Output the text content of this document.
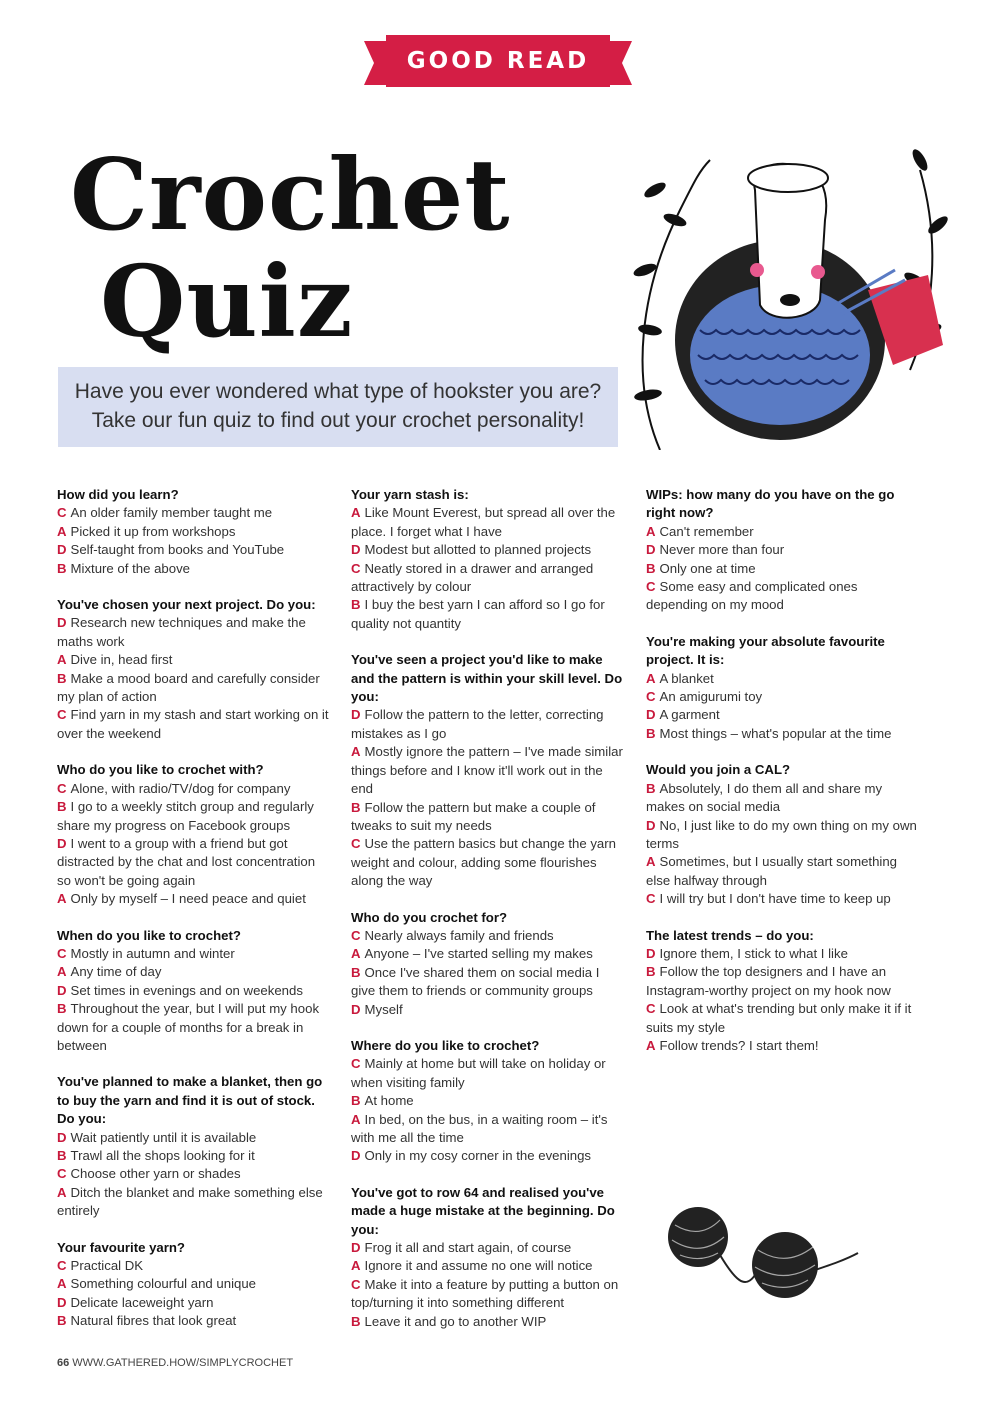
GOOD READ
Crochet
Quiz
Have you ever wondered what type of hookster you are?
Take our fun quiz to find out your crochet personality!
How did you learn?
C An older family member taught me
A Picked it up from workshops
D Self-taught from books and YouTube
B Mixture of the above
You've chosen your next project. Do you:
D Research new techniques and make the maths work
A Dive in, head first
B Make a mood board and carefully consider my plan of action
C Find yarn in my stash and start working on it over the weekend
Who do you like to crochet with?
C Alone, with radio/TV/dog for company
B I go to a weekly stitch group and regularly share my progress on Facebook groups
D I went to a group with a friend but got distracted by the chat and lost concentration so won't be going again
A Only by myself – I need peace and quiet
When do you like to crochet?
C Mostly in autumn and winter
A Any time of day
D Set times in evenings and on weekends
B Throughout the year, but I will put my hook down for a couple of months for a break in between
You've planned to make a blanket, then go to buy the yarn and find it is out of stock. Do you:
D Wait patiently until it is available
B Trawl all the shops looking for it
C Choose other yarn or shades
A Ditch the blanket and make something else entirely
Your favourite yarn?
C Practical DK
A Something colourful and unique
D Delicate laceweight yarn
B Natural fibres that look great
Your yarn stash is:
A Like Mount Everest, but spread all over the place. I forget what I have
D Modest but allotted to planned projects
C Neatly stored in a drawer and arranged attractively by colour
B I buy the best yarn I can afford so I go for quality not quantity
You've seen a project you'd like to make and the pattern is within your skill level. Do you:
D Follow the pattern to the letter, correcting mistakes as I go
A Mostly ignore the pattern – I've made similar things before and I know it'll work out in the end
B Follow the pattern but make a couple of tweaks to suit my needs
C Use the pattern basics but change the yarn weight and colour, adding some flourishes along the way
Who do you crochet for?
C Nearly always family and friends
A Anyone – I've started selling my makes
B Once I've shared them on social media I give them to friends or community groups
D Myself
Where do you like to crochet?
C Mainly at home but will take on holiday or when visiting family
B At home
A In bed, on the bus, in a waiting room – it's with me all the time
D Only in my cosy corner in the evenings
You've got to row 64 and realised you've made a huge mistake at the beginning. Do you:
D Frog it all and start again, of course
A Ignore it and assume no one will notice
C Make it into a feature by putting a button on top/turning it into something different
B Leave it and go to another WIP
WIPs: how many do you have on the go right now?
A Can't remember
D Never more than four
B Only one at time
C Some easy and complicated ones depending on my mood
You're making your absolute favourite project. It is:
A A blanket
C An amigurumi toy
D A garment
B Most things – what's popular at the time
Would you join a CAL?
B Absolutely, I do them all and share my makes on social media
D No, I just like to do my own thing on my own terms
A Sometimes, but I usually start something else halfway through
C I will try but I don't have time to keep up
The latest trends – do you:
D Ignore them, I stick to what I like
B Follow the top designers and I have an Instagram-worthy project on my hook now
C Look at what's trending but only make it if it suits my style
A Follow trends? I start them!
66 WWW.GATHERED.HOW/SIMPLYCROCHET
